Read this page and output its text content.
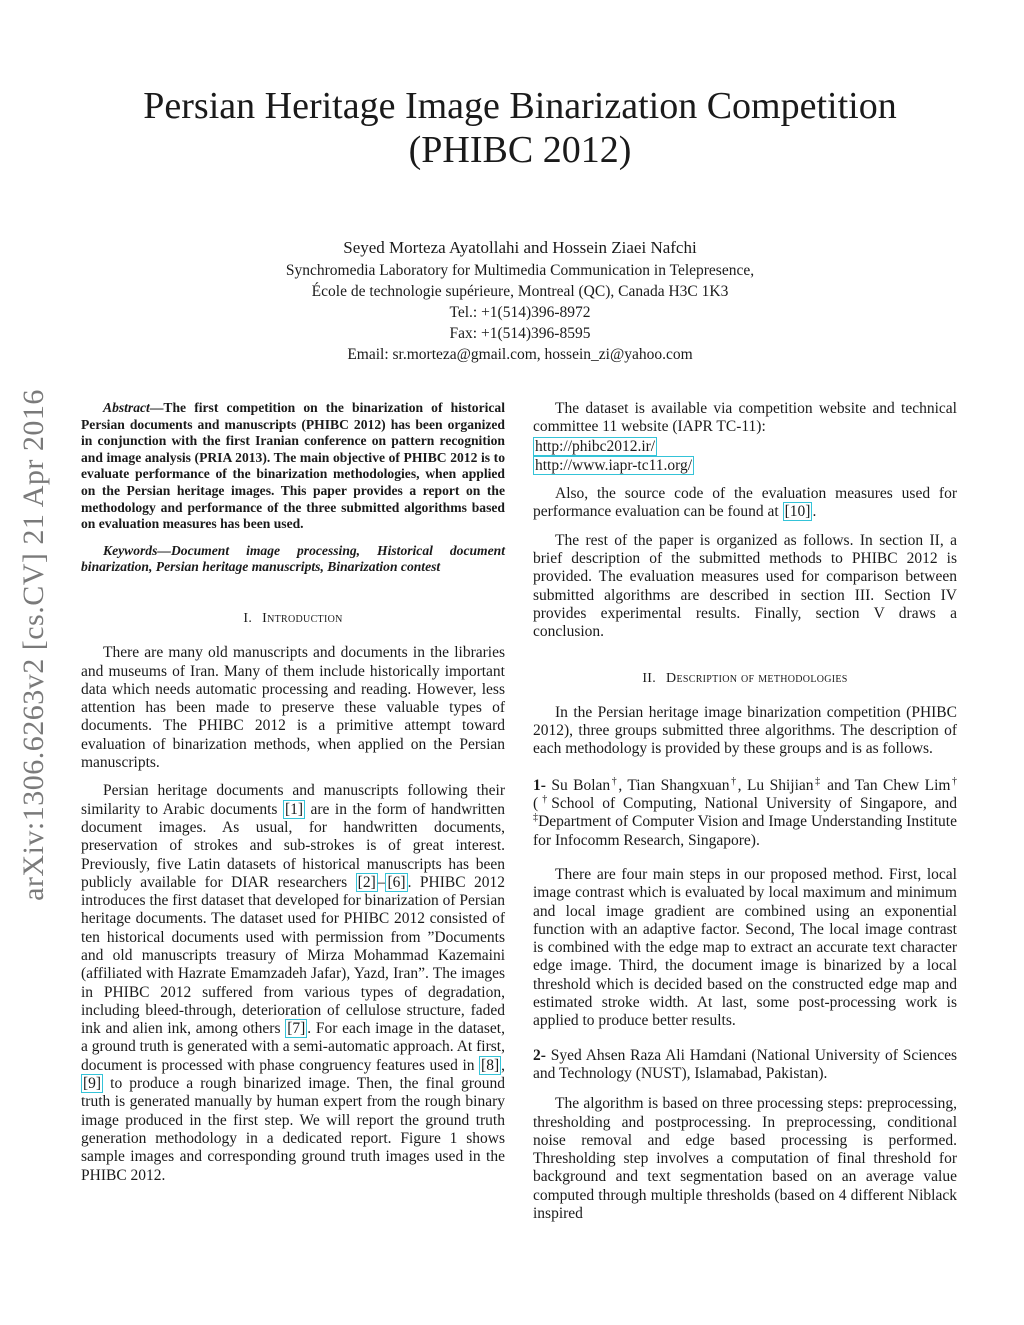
arXiv:1306.6263v2 [cs.CV] 21 Apr 2016
Persian Heritage Image Binarization Competition
(PHIBC 2012)
Seyed Morteza Ayatollahi and Hossein Ziaei Nafchi
Synchromedia Laboratory for Multimedia Communication in Telepresence,
École de technologie supérieure, Montreal (QC), Canada H3C 1K3
Tel.: +1(514)396-8972
Fax: +1(514)396-8595
Email: sr.morteza@gmail.com, hossein_zi@yahoo.com

Abstract—The first competition on the binarization of historical Persian documents and manuscripts (PHIBC 2012) has been organized in conjunction with the first Iranian conference on pattern recognition and image analysis (PRIA 2013). The main objective of PHIBC 2012 is to evaluate performance of the binarization methodologies, when applied on the Persian heritage images. This paper provides a report on the methodology and performance of the three submitted algorithms based on evaluation measures has been used.

Keywords—Document image processing, Historical document binarization, Persian heritage manuscripts, Binarization contest

I. Introduction

There are many old manuscripts and documents in the libraries and museums of Iran. Many of them include historically important data which needs automatic processing and reading. However, less attention has been made to preserve these valuable types of documents. The PHIBC 2012 is a primitive attempt toward evaluation of binarization methods, when applied on the Persian manuscripts.

Persian heritage documents and manuscripts following their similarity to Arabic documents [1] are in the form of handwritten document images. As usual, for handwritten documents, preservation of strokes and sub-strokes is of great interest. Previously, five Latin datasets of historical manuscripts has been publicly available for DIAR researchers [2] – [6] . PHIBC 2012 introduces the first dataset that developed for binarization of Persian heritage documents. The dataset used for PHIBC 2012 consisted of ten historical documents used with permission from ”Documents and old manuscripts treasury of Mirza Mohammad Kazemaini (affiliated with Hazrate Emamzadeh Jafar), Yazd, Iran”. The images in PHIBC 2012 suffered from various types of degradation, including bleed-through, deterioration of cellulose structure, faded ink and alien ink, among others [7] . For each image in the dataset, a ground truth is generated with a semi-automatic approach. At first, document is processed with phase congruency features used in [8] , [9] to produce a rough binarized image. Then, the final ground truth is generated manually by human expert from the rough binary image produced in the first step. We will report the ground truth generation methodology in a dedicated report. Figure 1 shows sample images and corresponding ground truth images used in the PHIBC 2012.

The dataset is available via competition website and technical committee 11 website (IAPR TC-11):

http://phibc2012.ir/
http://www.iapr-tc11.org/

Also, the source code of the evaluation measures used for performance evaluation can be found at [10] .

The rest of the paper is organized as follows. In section II, a brief description of the submitted methods to PHIBC 2012 is provided. The evaluation measures used for comparison between submitted algorithms are described in section III. Section IV provides experimental results. Finally, section V draws a conclusion.

II. Description of methodologies

In the Persian heritage image binarization competition (PHIBC 2012), three groups submitted three algorithms. The description of each methodology is provided by these groups and is as follows.

1- Su Bolan†, Tian Shangxuan†, Lu Shijian‡ and Tan Chew Lim† (†School of Computing, National University of Singapore, and ‡Department of Computer Vision and Image Understanding Institute for Infocomm Research, Singapore).

There are four main steps in our proposed method. First, local image contrast which is evaluated by local maximum and minimum and local image gradient are combined using an exponential function with an adaptive factor. Second, The local image contrast is combined with the edge map to extract an accurate text character edge image. Third, the document image is binarized by a local threshold which is decided based on the constructed edge map and estimated stroke width. At last, some post-processing work is applied to produce better results.

2- Syed Ahsen Raza Ali Hamdani (National University of Sciences and Technology (NUST), Islamabad, Pakistan).

The algorithm is based on three processing steps: preprocessing, thresholding and postprocessing. In preprocessing, conditional noise removal and edge based processing is performed. Thresholding step involves a computation of final threshold for background and text segmentation based on an average value computed through multiple thresholds (based on 4 different Niblack inspired
